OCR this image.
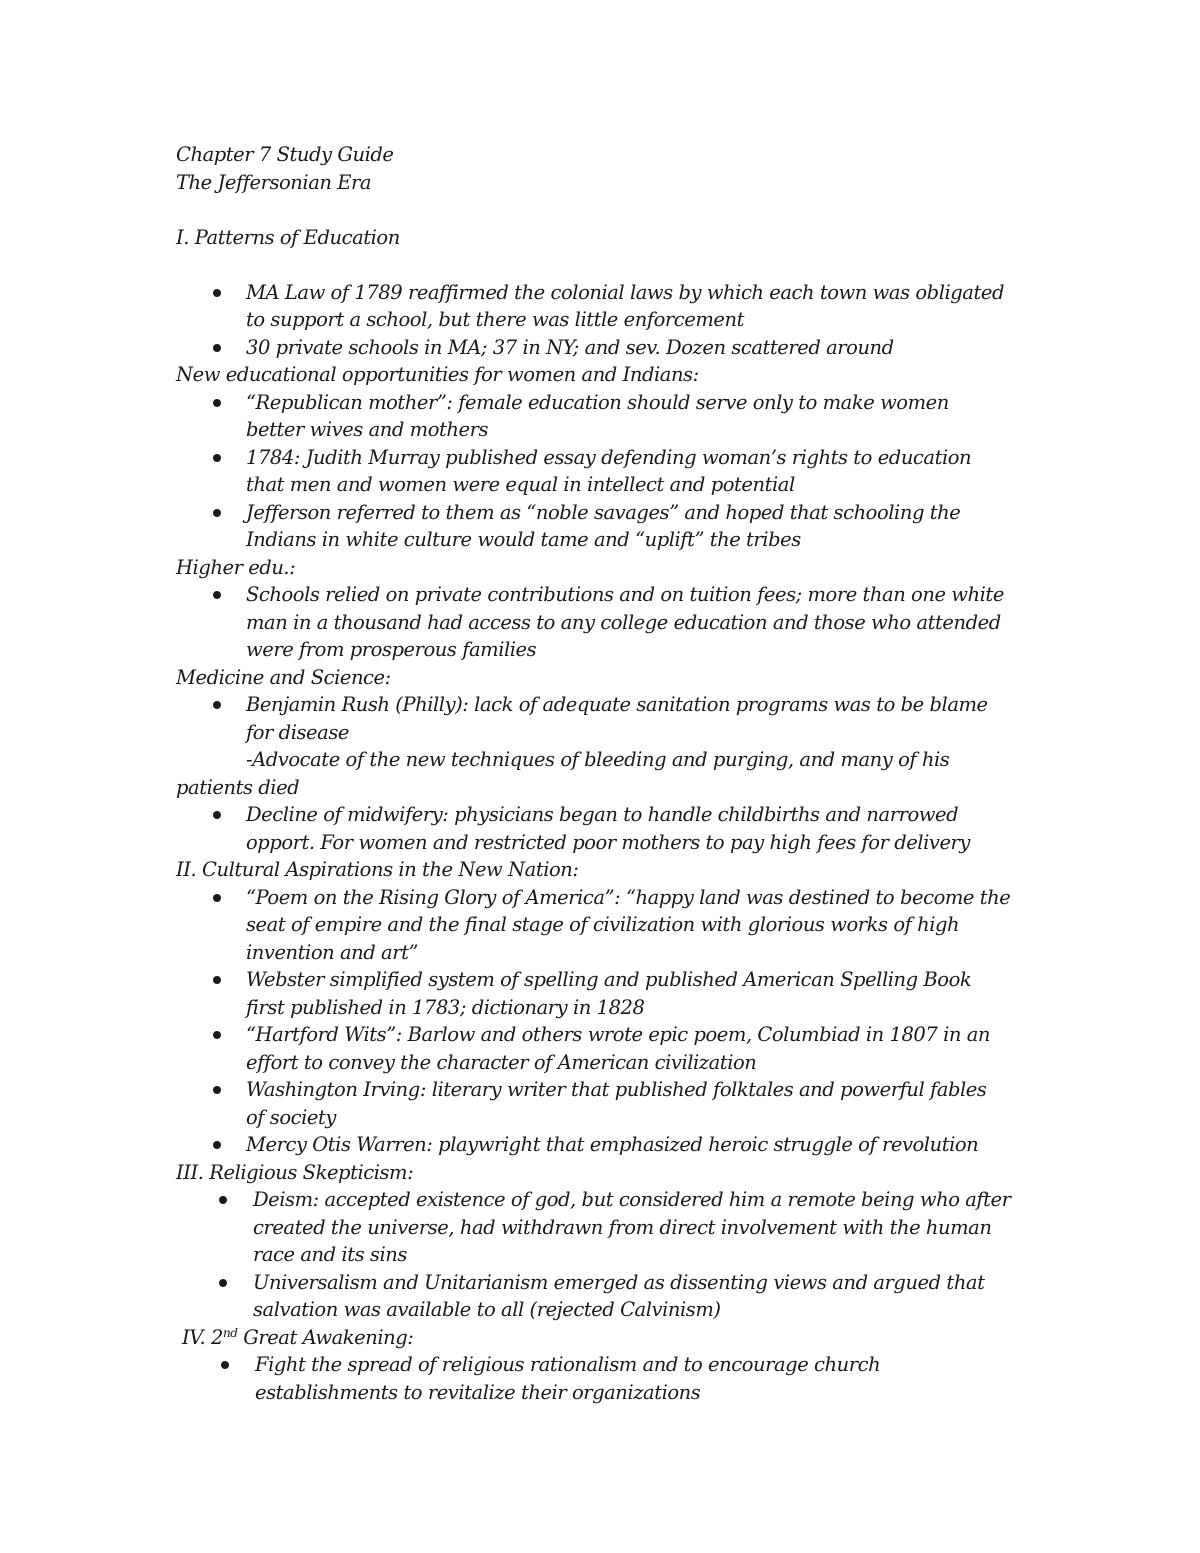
Chapter 7 Study Guide
The Jeffersonian Era
I. Patterns of Education
MA Law of 1789 reaffirmed the colonial laws by which each town was obligated
to support a school, but there was little enforcement
30 private schools in MA; 37 in NY; and sev. Dozen scattered around
New educational opportunities for women and Indians:
“Republican mother”: female education should serve only to make women
better wives and mothers
1784: Judith Murray published essay defending woman’s rights to education
that men and women were equal in intellect and potential
Jefferson referred to them as “noble savages” and hoped that schooling the
Indians in white culture would tame and “uplift” the tribes
Higher edu.:
Schools relied on private contributions and on tuition fees; more than one white
man in a thousand had access to any college education and those who attended
were from prosperous families
Medicine and Science:
Benjamin Rush (Philly): lack of adequate sanitation programs was to be blame
for disease
-Advocate of the new techniques of bleeding and purging, and many of his
patients died
Decline of midwifery: physicians began to handle childbirths and narrowed
opport. For women and restricted poor mothers to pay high fees for delivery
II. Cultural Aspirations in the New Nation:
“Poem on the Rising Glory of America”: “happy land was destined to become the
seat of empire and the final stage of civilization with glorious works of high
invention and art”
Webster simplified system of spelling and published American Spelling Book
first published in 1783; dictionary in 1828
“Hartford Wits”: Barlow and others wrote epic poem, Columbiad in 1807 in an
effort to convey the character of American civilization
Washington Irving: literary writer that published folktales and powerful fables
of society
Mercy Otis Warren: playwright that emphasized heroic struggle of revolution
III. Religious Skepticism:
Deism: accepted existence of god, but considered him a remote being who after
created the universe, had withdrawn from direct involvement with the human
race and its sins
Universalism and Unitarianism emerged as dissenting views and argued that
salvation was available to all (rejected Calvinism)
IV. 2nd Great Awakening:
Fight the spread of religious rationalism and to encourage church
establishments to revitalize their organizations
